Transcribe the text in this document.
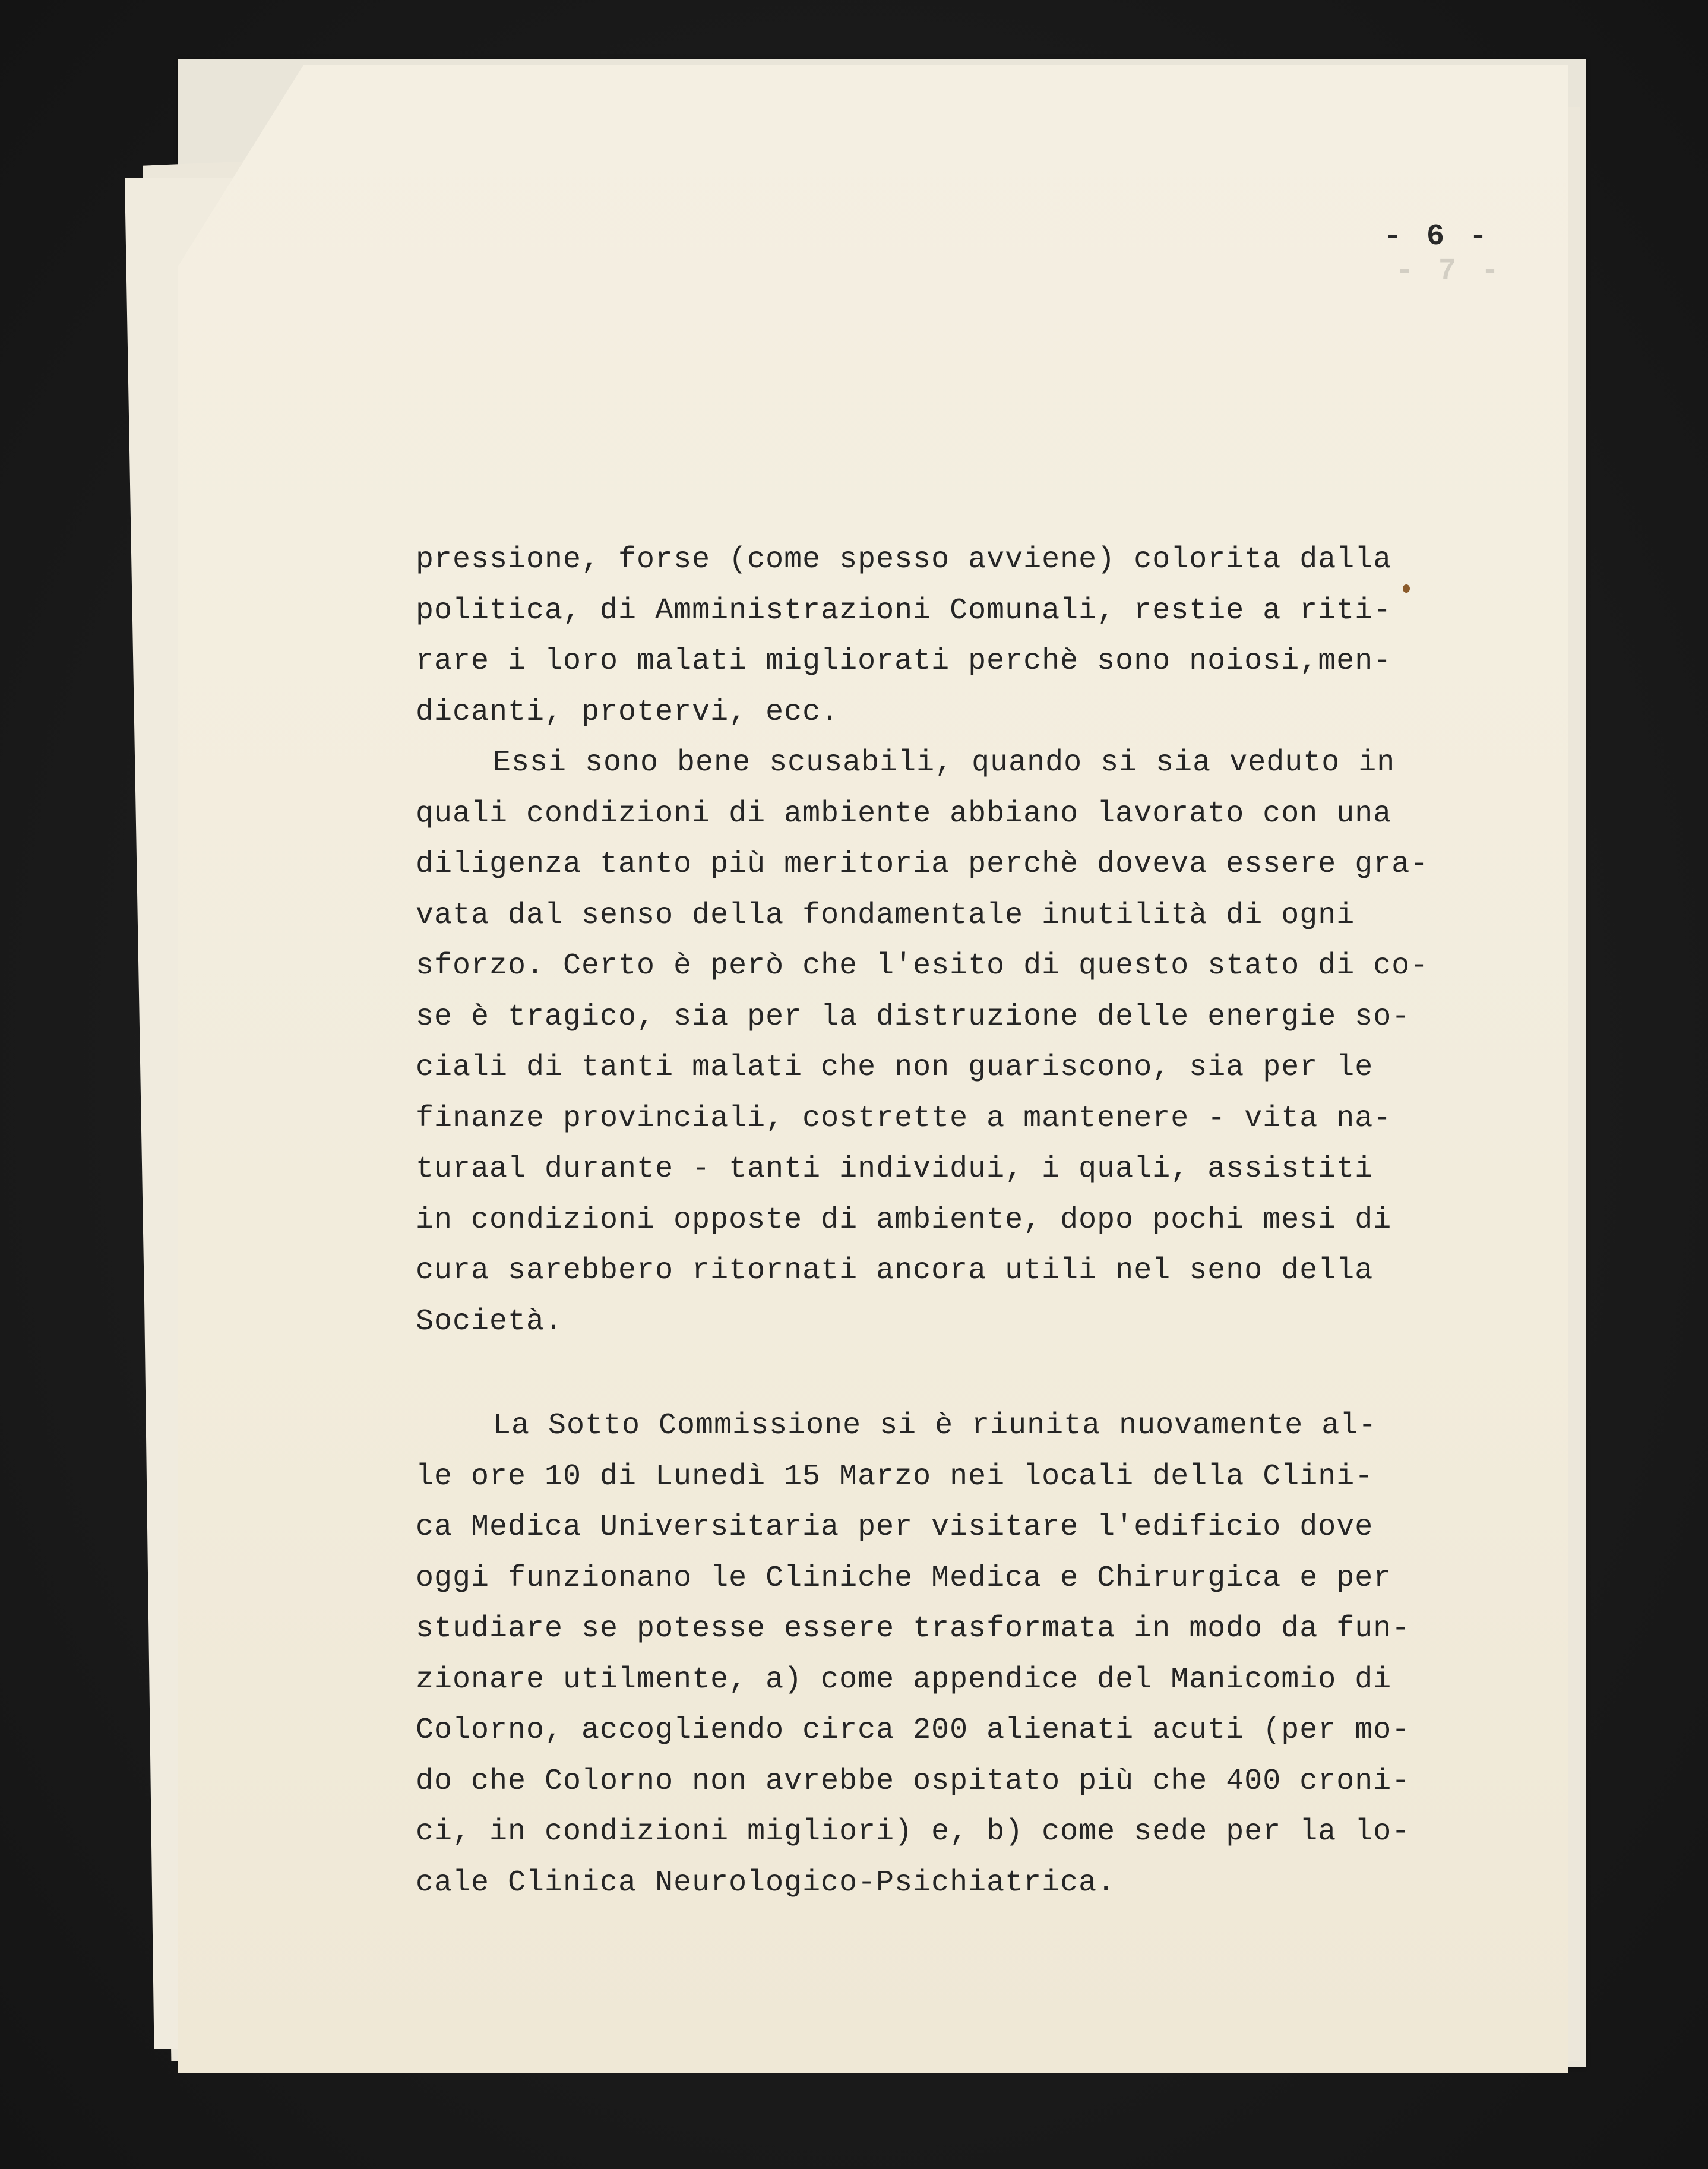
- 7 -
- 6 -
pressione, forse (come spesso avviene) colorita dalla
politica, di Amministrazioni Comunali, restie a riti-
rare i loro malati migliorati perchè sono noiosi,men-
dicanti, protervi, ecc.
Essi sono bene scusabili, quando si sia veduto in
quali condizioni di ambiente abbiano lavorato con una
diligenza tanto più meritoria perchè doveva essere gra-
vata dal senso della fondamentale inutilità di ogni
sforzo. Certo è però che l'esito di questo stato di co-
se è tragico, sia per la distruzione delle energie so-
ciali di tanti malati che non guariscono, sia per le
finanze provinciali, costrette a mantenere - vita na-
turaal durante - tanti individui, i quali, assistiti
in condizioni opposte di ambiente, dopo pochi mesi di
cura sarebbero ritornati ancora utili nel seno della
Società.
La Sotto Commissione si è riunita nuovamente al-
le ore 10 di Lunedì 15 Marzo nei locali della Clini-
ca Medica Universitaria per visitare l'edificio dove
oggi funzionano le Cliniche Medica e Chirurgica e per
studiare se potesse essere trasformata in modo da fun-
zionare utilmente, a) come appendice del Manicomio di
Colorno, accogliendo circa 200 alienati acuti (per mo-
do che Colorno non avrebbe ospitato più che 400 croni-
ci, in condizioni migliori) e, b) come sede per la lo-
cale Clinica Neurologico-Psichiatrica.
